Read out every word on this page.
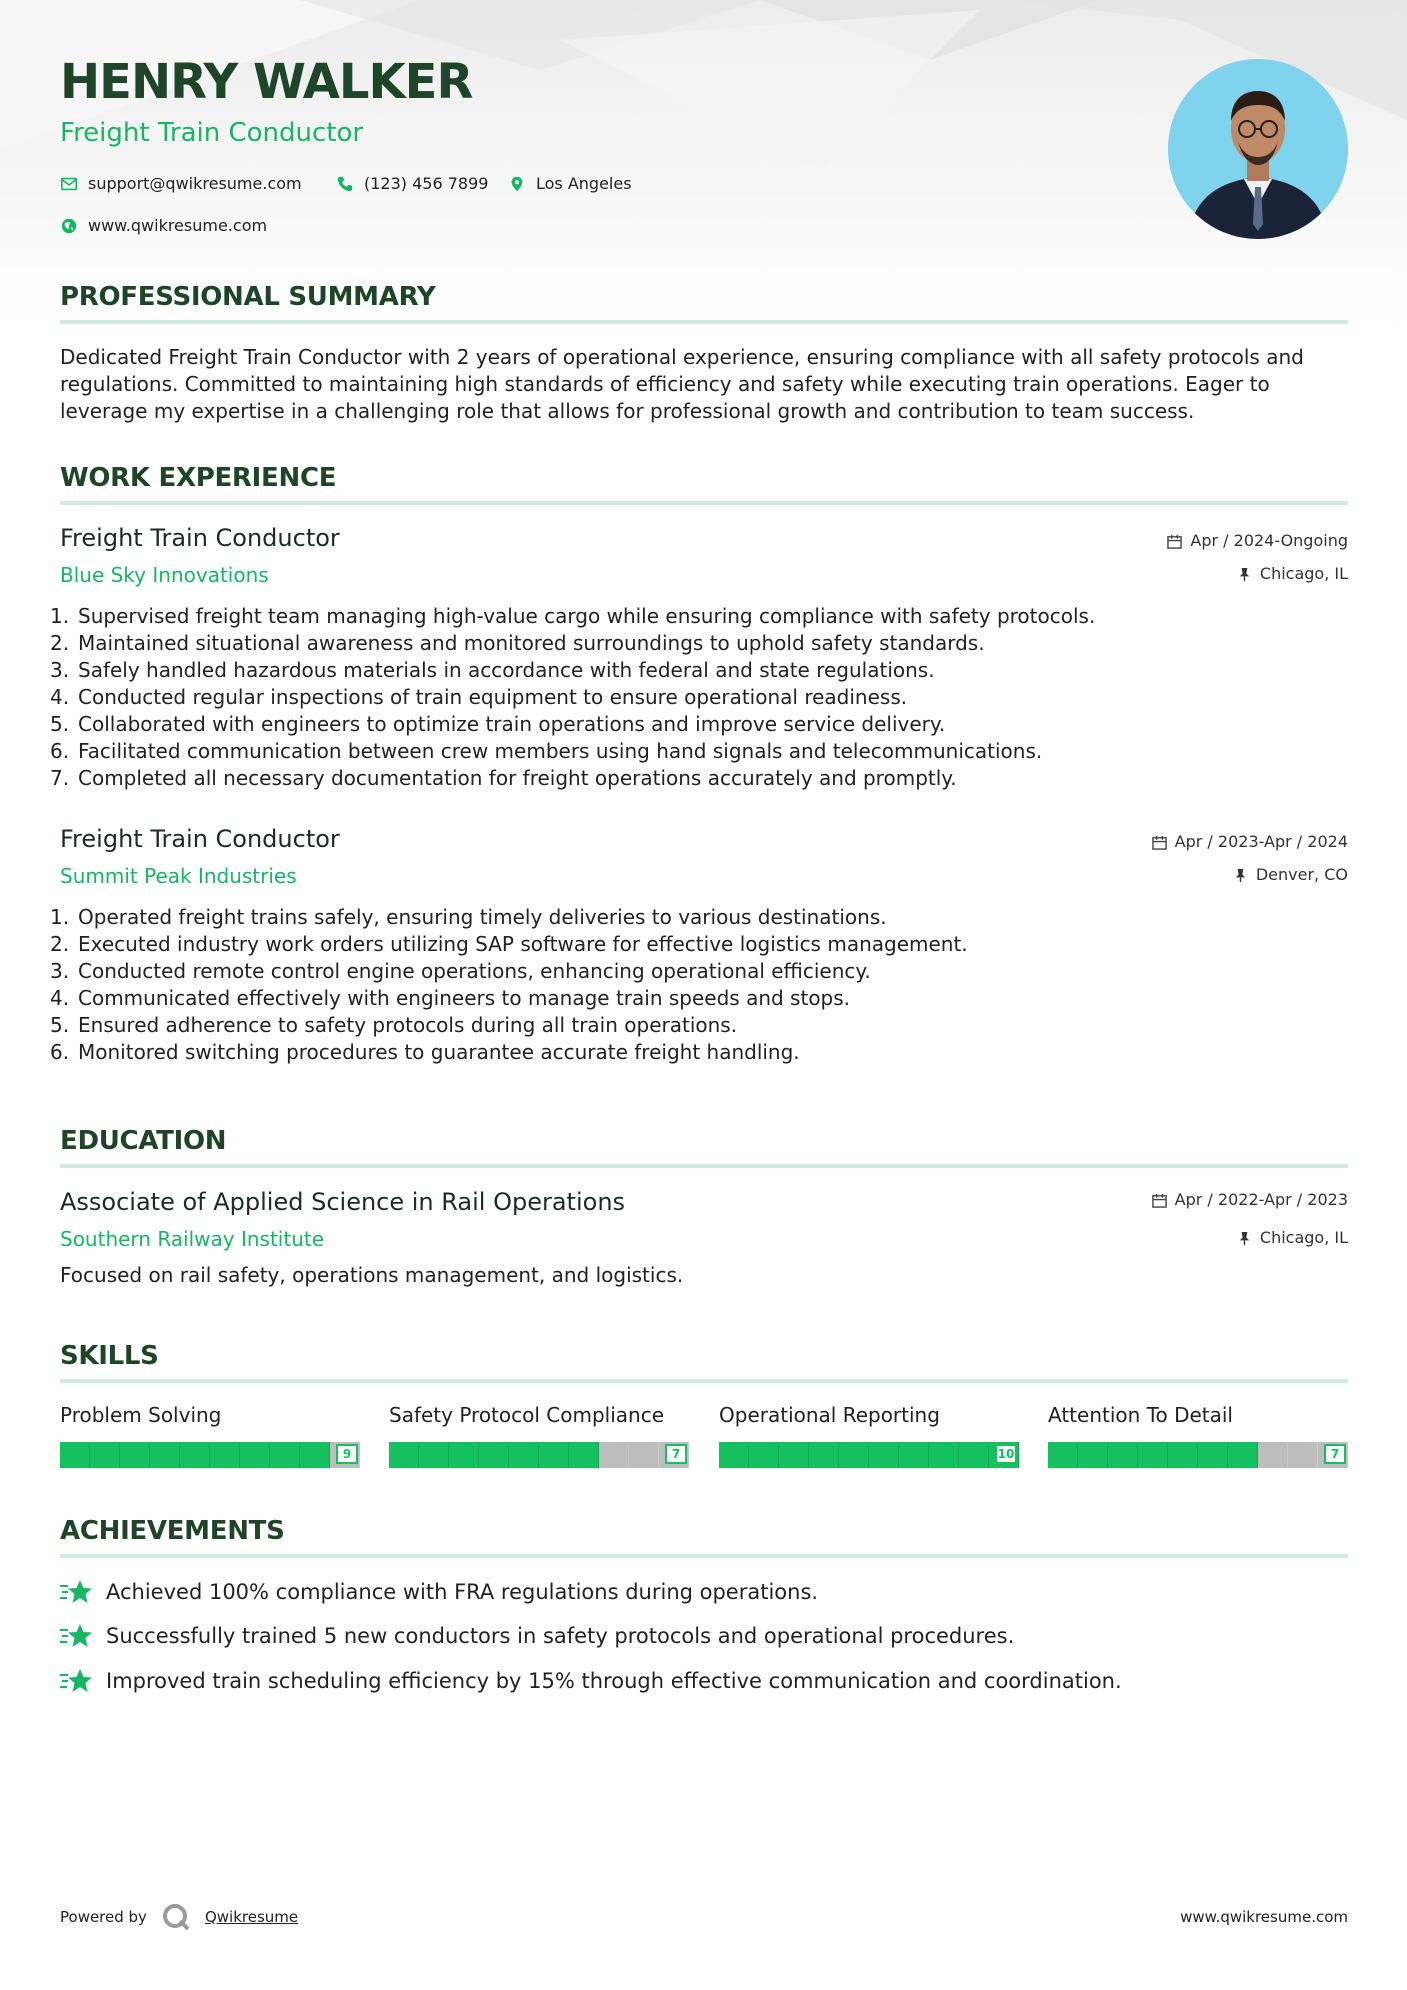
HENRY WALKER
Freight Train Conductor
support@qwikresume.com	(123) 456 7899	Los Angeles
www.qwikresume.com
PROFESSIONAL SUMMARY

Dedicated Freight Train Conductor with 2 years of operational experience, ensuring compliance with all safety protocols and regulations. Committed to maintaining high standards of efficiency and safety while executing train operations. Eager to leverage my expertise in a challenging role that allows for professional growth and contribution to team success.

WORK EXPERIENCE
Freight Train Conductor
Blue Sky Innovations
Apr / 2024-Ongoing
Chicago, IL
1. Supervised freight team managing high-value cargo while ensuring compliance with safety protocols.
2. Maintained situational awareness and monitored surroundings to uphold safety standards.
3. Safely handled hazardous materials in accordance with federal and state regulations.
4. Conducted regular inspections of train equipment to ensure operational readiness.
5. Collaborated with engineers to optimize train operations and improve service delivery.
6. Facilitated communication between crew members using hand signals and telecommunications.
7. Completed all necessary documentation for freight operations accurately and promptly.
Freight Train Conductor
Summit Peak Industries
Apr / 2023-Apr / 2024
Denver, CO
1. Operated freight trains safely, ensuring timely deliveries to various destinations.
2. Executed industry work orders utilizing SAP software for effective logistics management.
3. Conducted remote control engine operations, enhancing operational efficiency.
4. Communicated effectively with engineers to manage train speeds and stops.
5. Ensured adherence to safety protocols during all train operations.
6. Monitored switching procedures to guarantee accurate freight handling.
EDUCATION
Associate of Applied Science in Rail Operations
Southern Railway Institute
Apr / 2022-Apr / 2023
Chicago, IL
Focused on rail safety, operations management, and logistics.
SKILLS
Problem Solving
9
Safety Protocol Compliance
7
Operational Reporting
10
Attention To Detail
7
ACHIEVEMENTS
Achieved 100% compliance with FRA regulations during operations.
Successfully trained 5 new conductors in safety protocols and operational procedures.
Improved train scheduling efficiency by 15% through effective communication and coordination.
Powered by	Qwikresume	www.qwikresume.com
